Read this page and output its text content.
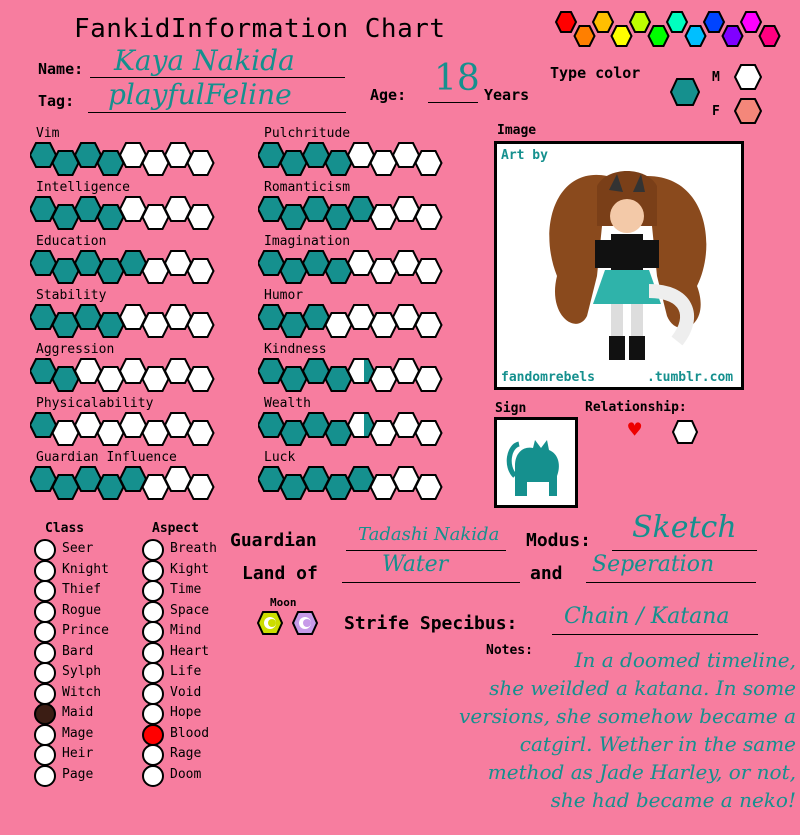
FankidInformation Chart
Name: Kaya Nakida
Tag: playfulFeline	Age: 18 Years
Type color	M
F
Vim
Intelligence
Education
Stability
Aggression
Physicalability
Guardian Influence
Pulchritude
Romanticism
Imagination
Humor
Kindness
Wealth
Luck
Image
Art by
fandomrebels	.tumblr.com
Sign	Relationship:
♥
Class	Aspect
Seer
Knight
Thief
Rogue
Prince
Bard
Sylph
Witch
Maid
Mage
Heir
Page
Breath
Kight
Time
Space
Mind
Heart
Life
Void
Hope
Blood
Rage
Doom
Guardian Tadashi Nakida Modus: Sketch
Land of	Water	and Seperation
Moon
Strife Specibus: Chain / Katana
Notes:	In a doomed timeline,
she weilded a katana. In some
versions, she somehow became a
catgirl. Wether in the same
method as Jade Harley, or not,
she had became a neko!
